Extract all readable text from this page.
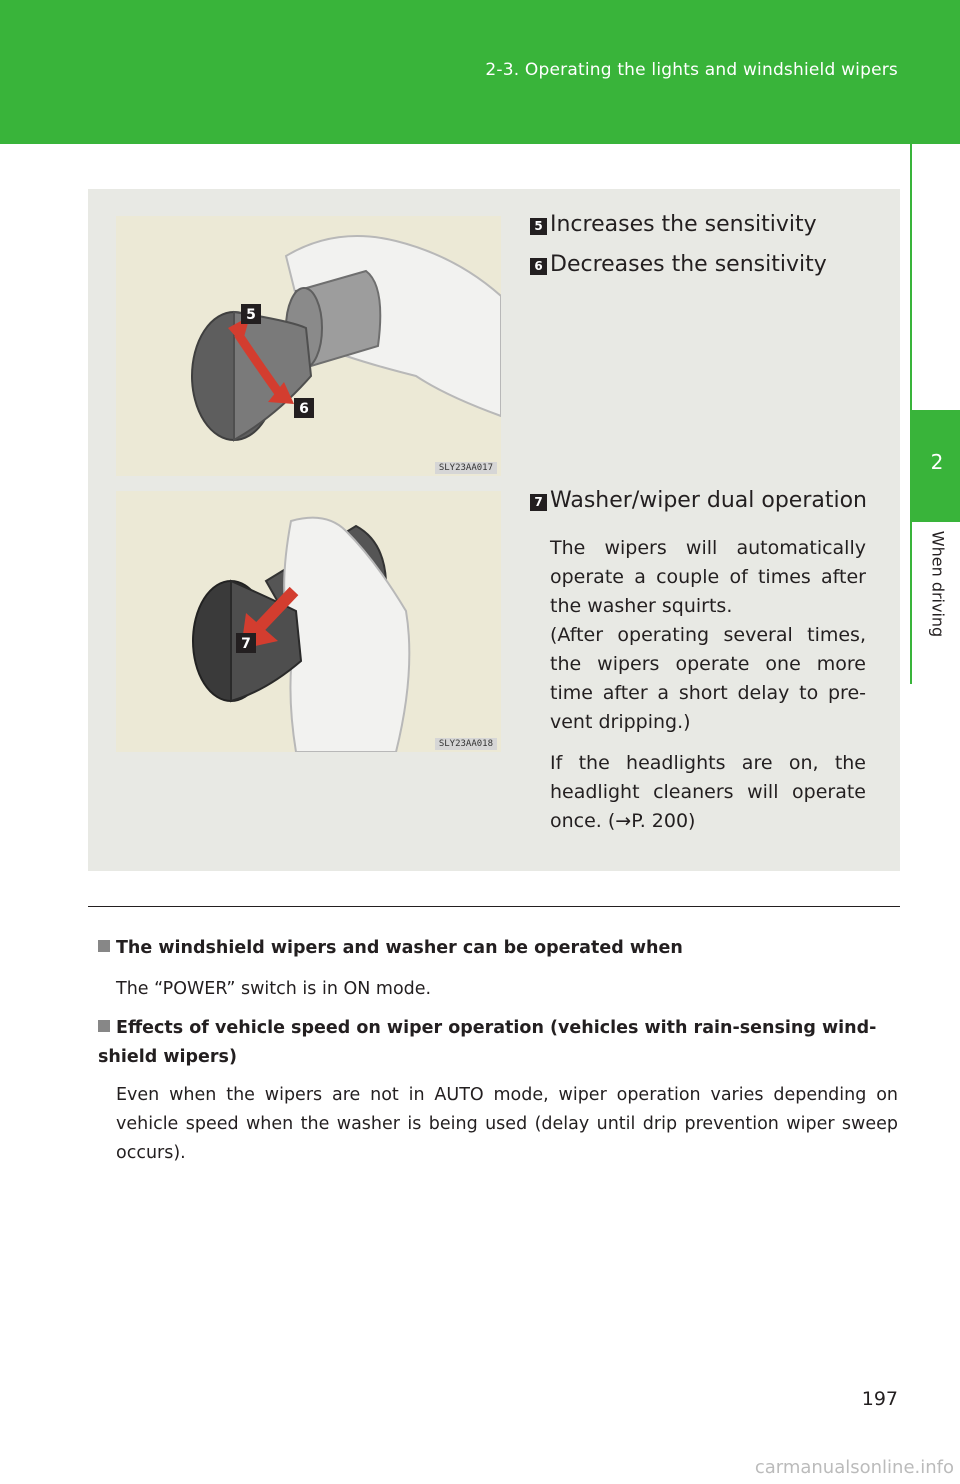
2-3. Operating the lights and windshield wipers
2
When driving
5
6
SLY23AA017
7
SLY23AA018
5 Increases the sensitivity
6 Decreases the sensitivity
7 Washer/wiper dual operation
The wipers will automatically operate a couple of times after the washer squirts.
(After operating several times, the wipers operate one more time after a short delay to pre- vent dripping.)
If the headlights are on, the headlight cleaners will operate once. (→P. 200)
The windshield wipers and washer can be operated when
The “POWER” switch is in ON mode.
Effects of vehicle speed on wiper operation (vehicles with rain-sensing wind- shield wipers)
Even when the wipers are not in AUTO mode, wiper operation varies depending on vehicle speed when the washer is being used (delay until drip prevention wiper sweep occurs).
197
carmanualsonline.info
